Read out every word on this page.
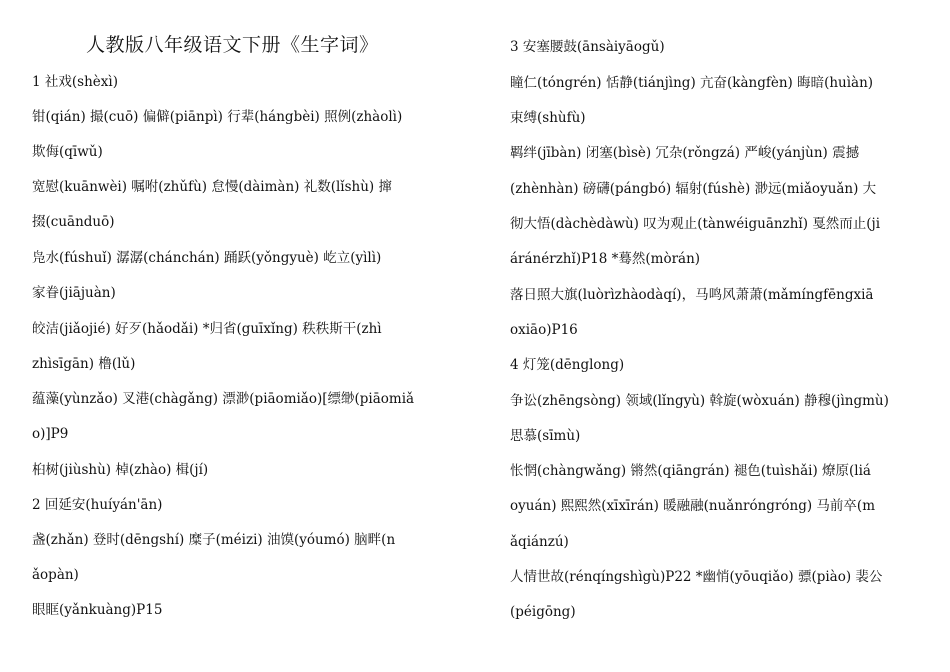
人教版八年级语文下册《生字词》
1 社戏(shèxì)
钳(qián) 撮(cuō) 偏僻(piānpì) 行辈(hángbèi) 照例(zhàolì)
欺侮(qīwǔ)
宽慰(kuānwèi) 嘱咐(zhǔfù) 怠慢(dàimàn) 礼数(lǐshù) 撺
掇(cuānduō)
凫水(fúshuǐ) 潺潺(chánchán) 踊跃(yǒngyuè) 屹立(yìlì)
家眷(jiājuàn)
皎洁(jiǎojié) 好歹(hǎodǎi) *归省(guīxǐng) 秩秩斯干(zhì
zhìsīgān) 橹(lǔ)
蕴藻(yùnzǎo) 叉港(chàgǎng) 漂渺(piāomiǎo)[缥缈(piāomiǎ
o)]P9
桕树(jiùshù) 棹(zhào) 楫(jí)
2 回延安(huíyán'ān)
盏(zhǎn) 登时(dēngshí) 糜子(méizi) 油馍(yóumó) 脑畔(n
ǎopàn)
眼眶(yǎnkuàng)P15
3 安塞腰鼓(ānsàiyāogǔ)
瞳仁(tóngrén) 恬静(tiánjìng) 亢奋(kàngfèn) 晦暗(huìàn)
束缚(shùfù)
羁绊(jībàn) 闭塞(bìsè) 冗杂(rǒngzá) 严峻(yánjùn) 震撼
(zhènhàn) 磅礴(pángbó) 辐射(fúshè) 渺远(miǎoyuǎn) 大
彻大悟(dàchèdàwù) 叹为观止(tànwéiguānzhǐ) 戛然而止(ji
áránérzhǐ)P18 *蓦然(mòrán)
落日照大旗(luòrìzhàodàqí)，马鸣风萧萧(mǎmíngfēngxiā
oxiāo)P16
4 灯笼(dēnglong)
争讼(zhēngsòng) 领域(lǐngyù) 斡旋(wòxuán) 静穆(jìngmù)
思慕(sīmù)
怅惘(chàngwǎng) 锵然(qiāngrán) 褪色(tuìshǎi) 燎原(liá
oyuán) 熙熙然(xīxīrán) 暖融融(nuǎnróngróng) 马前卒(m
ǎqiánzú)
人情世故(rénqíngshìgù)P22 *幽悄(yōuqiǎo) 骠(piào) 裴公
(péigōng)
